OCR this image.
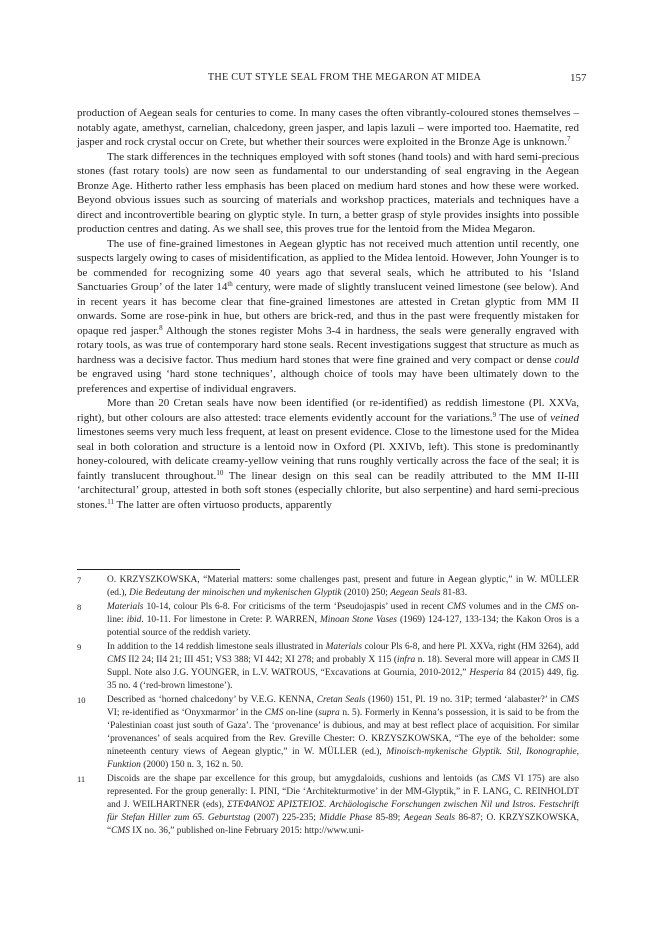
THE CUT STYLE SEAL FROM THE MEGARON AT MIDEA	157

production of Aegean seals for centuries to come. In many cases the often vibrantly-coloured stones themselves – notably agate, amethyst, carnelian, chalcedony, green jasper, and lapis lazuli – were imported too. Haematite, red jasper and rock crystal occur on Crete, but whether their sources were exploited in the Bronze Age is unknown.$^7$

The stark differences in the techniques employed with soft stones (hand tools) and with hard semi-precious stones (fast rotary tools) are now seen as fundamental to our understanding of seal engraving in the Aegean Bronze Age. Hitherto rather less emphasis has been placed on medium hard stones and how these were worked. Beyond obvious issues such as sourcing of materials and workshop practices, materials and techniques have a direct and incontrovertible bearing on glyptic style. In turn, a better grasp of style provides insights into possible production centres and dating. As we shall see, this proves true for the lentoid from the Midea Megaron.

The use of fine-grained limestones in Aegean glyptic has not received much attention until recently, one suspects largely owing to cases of misidentification, as applied to the Midea lentoid. However, John Younger is to be commended for recognizing some 40 years ago that several seals, which he attributed to his ‘Island Sanctuaries Group’ of the later 14th century, were made of slightly translucent veined limestone (see below). And in recent years it has become clear that fine-grained limestones are attested in Cretan glyptic from MM II onwards. Some are rose-pink in hue, but others are brick-red, and thus in the past were frequently mistaken for opaque red jasper.$^8$ Although the stones register Mohs 3-4 in hardness, the seals were generally engraved with rotary tools, as was true of contemporary hard stone seals. Recent investigations suggest that structure as much as hardness was a decisive factor. Thus medium hard stones that were fine grained and very compact or dense could be engraved using ‘hard stone techniques’, although choice of tools may have been ultimately down to the preferences and expertise of individual engravers.

More than 20 Cretan seals have now been identified (or re-identified) as reddish limestone (Pl. XXVa, right), but other colours are also attested: trace elements evidently account for the variations.$^9$ The use of veined limestones seems very much less frequent, at least on present evidence. Close to the limestone used for the Midea seal in both coloration and structure is a lentoid now in Oxford (Pl. XXIVb, left). This stone is predominantly honey-coloured, with delicate creamy-yellow veining that runs roughly vertically across the face of the seal; it is faintly translucent throughout.$^{10}$ The linear design on this seal can be readily attributed to the MM II-III ‘architectural’ group, attested in both soft stones (especially chlorite, but also serpentine) and hard semi-precious stones.$^{11}$ The latter are often virtuoso products, apparently

7	O. KRZYSZKOWSKA, “Material matters: some challenges past, present and future in Aegean glyptic,” in W. MÜLLER (ed.), Die Bedeutung der minoischen und mykenischen Glyptik (2010) 250; Aegean Seals 81-83.
8	Materials 10-14, colour Pls 6-8. For criticisms of the term ‘Pseudojaspis’ used in recent CMS volumes and in the CMS on-line: ibid. 10-11. For limestone in Crete: P. WARREN, Minoan Stone Vases (1969) 124-127, 133-134; the Kakon Oros is a potential source of the reddish variety.
9	In addition to the 14 reddish limestone seals illustrated in Materials colour Pls 6-8, and here Pl. XXVa, right (HM 3264), add CMS II2 24; II4 21; III 451; VS3 388; VI 442; XI 278; and probably X 115 (infra n. 18). Several more will appear in CMS II Suppl. Note also J.G. YOUNGER, in L.V. WATROUS, “Excavations at Gournia, 2010-2012,” Hesperia 84 (2015) 449, fig. 35 no. 4 (‘red-brown limestone’).
10 Described as ‘horned chalcedony’ by V.E.G. KENNA, Cretan Seals (1960) 151, Pl. 19 no. 31P; termed ‘alabaster?’ in CMS VI; re-identified as ‘Onyxmarmor’ in the CMS on-line (supra n. 5). Formerly in Kenna’s possession, it is said to be from the ‘Palestinian coast just south of Gaza’. The ‘provenance’ is dubious, and may at best reflect place of acquisition. For similar ‘provenances’ of seals acquired from the Rev. Greville Chester: O. KRZYSZKOWSKA, “The eye of the beholder: some nineteenth century views of Aegean glyptic,” in W. MÜLLER (ed.), Minoisch-mykenische Glyptik. Stil, Ikonographie, Funktion (2000) 150 n. 3, 162 n. 50.
11 Discoids are the shape par excellence for this group, but amygdaloids, cushions and lentoids (as CMS VI 175) are also represented. For the group generally: I. PINI, “Die ‘Architekturmotive’ in der MM-Glyptik,” in F. LANG, C. REINHOLDT and J. WEILHARTNER (eds), ΣΤΕΦΑΝΟΣ ΑΡΙΣΤΕΙΟΣ. Archäologische Forschungen zwischen Nil und Istros. Festschrift für Stefan Hiller zum 65. Geburtstag (2007) 225-235; Middle Phase 85-89; Aegean Seals 86-87; O. KRZYSZKOWSKA, “CMS IX no. 36,” published on-line February 2015: http://www.uni-
